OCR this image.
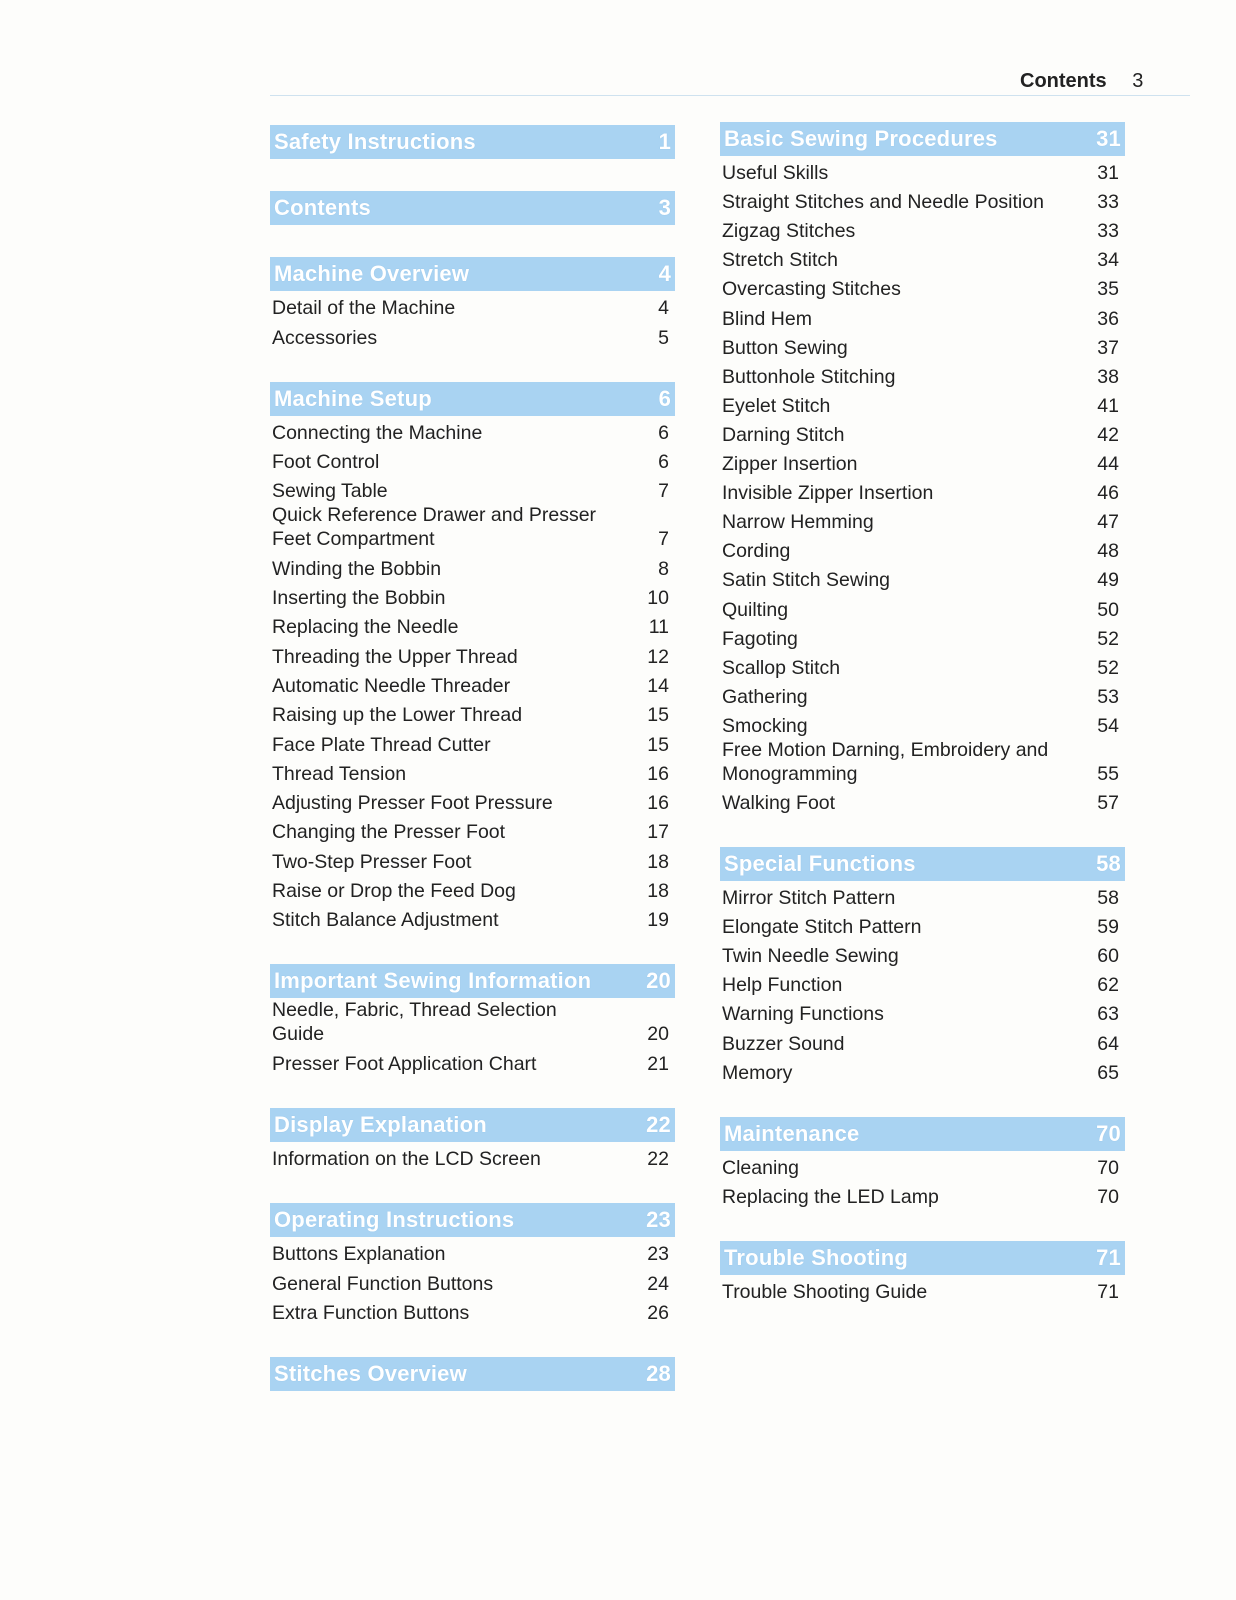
Contents 3
Safety Instructions	1
Contents	3
Machine Overview	4
Detail of the Machine	4
Accessories	5
Machine Setup	6
Connecting the Machine	6
Foot Control	6
Sewing Table	7
Quick Reference Drawer and Presser Feet Compartment	7
Winding the Bobbin	8
Inserting the Bobbin	10
Replacing the Needle	11
Threading the Upper Thread	12
Automatic Needle Threader	14
Raising up the Lower Thread	15
Face Plate Thread Cutter	15
Thread Tension	16
Adjusting Presser Foot Pressure	16
Changing the Presser Foot	17
Two-Step Presser Foot	18
Raise or Drop the Feed Dog	18
Stitch Balance Adjustment	19
Important Sewing Information 20
Needle, Fabric, Thread Selection Guide	20
Presser Foot Application Chart	21
Display Explanation	22
Information on the LCD Screen	22
Operating Instructions	23
Buttons Explanation	23
General Function Buttons	24
Extra Function Buttons	26
Stitches Overview	28
Basic Sewing Procedures	31
Useful Skills	31
Straight Stitches and Needle Position	33
Zigzag Stitches	33
Stretch Stitch	34
Overcasting Stitches	35
Blind Hem	36
Button Sewing	37
Buttonhole Stitching	38
Eyelet Stitch	41
Darning Stitch	42
Zipper Insertion	44
Invisible Zipper Insertion	46
Narrow Hemming	47
Cording	48
Satin Stitch Sewing	49
Quilting	50
Fagoting	52
Scallop Stitch	52
Gathering	53
Smocking	54
Free Motion Darning, Embroidery and Monogramming	55
Walking Foot	57
Special Functions	58
Mirror Stitch Pattern	58
Elongate Stitch Pattern	59
Twin Needle Sewing	60
Help Function	62
Warning Functions	63
Buzzer Sound	64
Memory	65
Maintenance	70
Cleaning	70
Replacing the LED Lamp	70
Trouble Shooting	71
Trouble Shooting Guide	71
